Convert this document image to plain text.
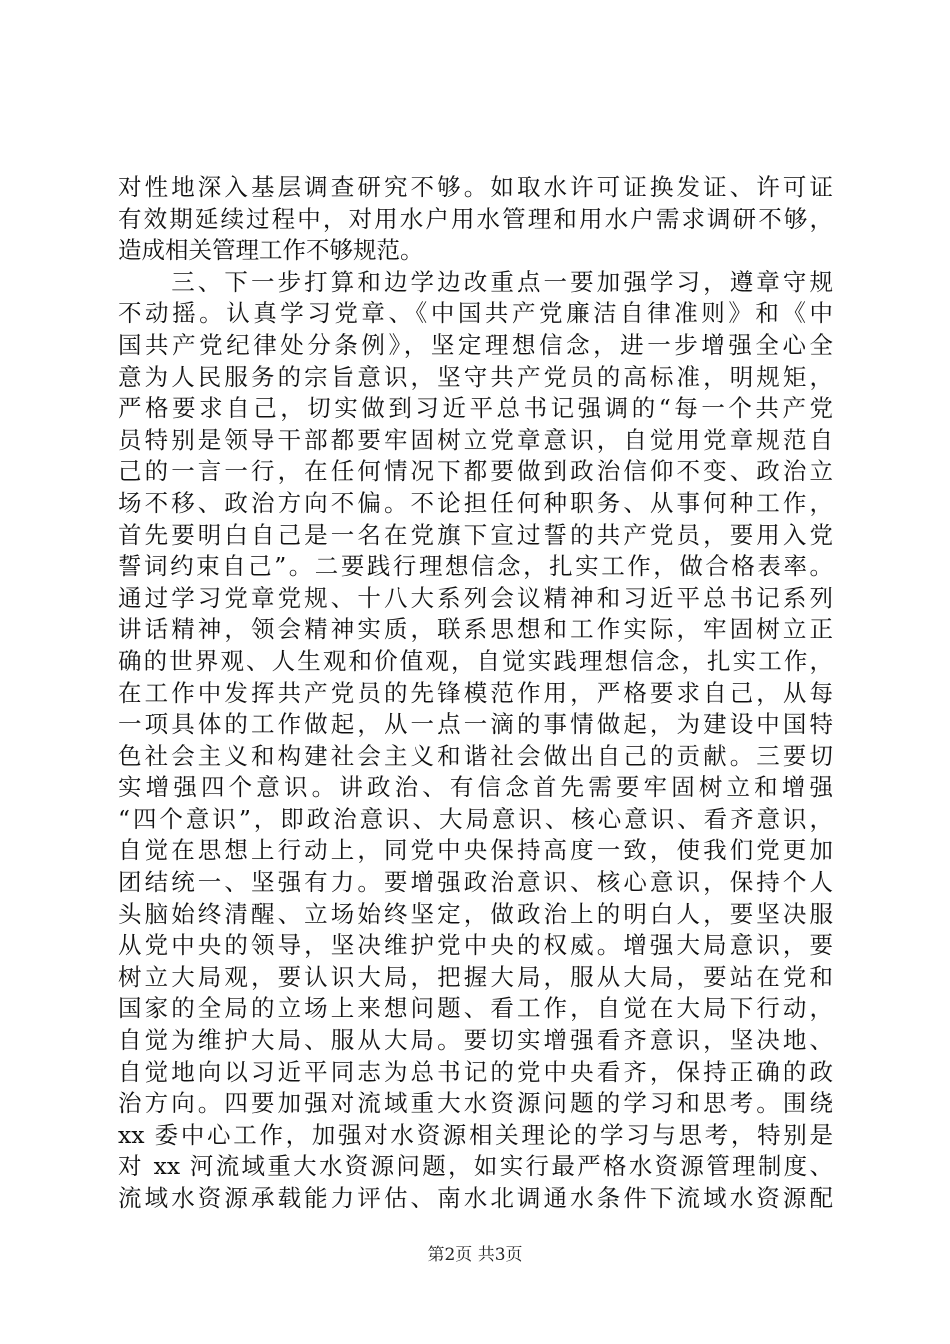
对性地深入基层调查研究不够。如取水许可证换发证、许可证
有效期延续过程中，对用水户用水管理和用水户需求调研不够，
造成相关管理工作不够规范。
　　三、下一步打算和边学边改重点一要加强学习，遵章守规
不动摇。认真学习党章、《中国共产党廉洁自律准则》和《中
国共产党纪律处分条例》，坚定理想信念，进一步增强全心全
意为人民服务的宗旨意识，坚守共产党员的高标准，明规矩，
严格要求自己，切实做到习近平总书记强调的“每一个共产党
员特别是领导干部都要牢固树立党章意识，自觉用党章规范自
己的一言一行，在任何情况下都要做到政治信仰不变、政治立
场不移、政治方向不偏。不论担任何种职务、从事何种工作，
首先要明白自己是一名在党旗下宣过誓的共产党员，要用入党
誓词约束自己”。二要践行理想信念，扎实工作，做合格表率。
通过学习党章党规、十八大系列会议精神和习近平总书记系列
讲话精神，领会精神实质，联系思想和工作实际，牢固树立正
确的世界观、人生观和价值观，自觉实践理想信念，扎实工作，
在工作中发挥共产党员的先锋模范作用，严格要求自己，从每
一项具体的工作做起，从一点一滴的事情做起，为建设中国特
色社会主义和构建社会主义和谐社会做出自己的贡献。三要切
实增强四个意识。讲政治、有信念首先需要牢固树立和增强
“四个意识”，即政治意识、大局意识、核心意识、看齐意识，
自觉在思想上行动上，同党中央保持高度一致，使我们党更加
团结统一、坚强有力。要增强政治意识、核心意识，保持个人
头脑始终清醒、立场始终坚定，做政治上的明白人，要坚决服
从党中央的领导，坚决维护党中央的权威。增强大局意识，要
树立大局观，要认识大局，把握大局，服从大局，要站在党和
国家的全局的立场上来想问题、看工作，自觉在大局下行动，
自觉为维护大局、服从大局。要切实增强看齐意识，坚决地、
自觉地向以习近平同志为总书记的党中央看齐，保持正确的政
治方向。四要加强对流域重大水资源问题的学习和思考。围绕
xx 委中心工作，加强对水资源相关理论的学习与思考，特别是
对 xx 河流域重大水资源问题，如实行最严格水资源管理制度、
流域水资源承载能力评估、南水北调通水条件下流域水资源配
第2页 共3页
